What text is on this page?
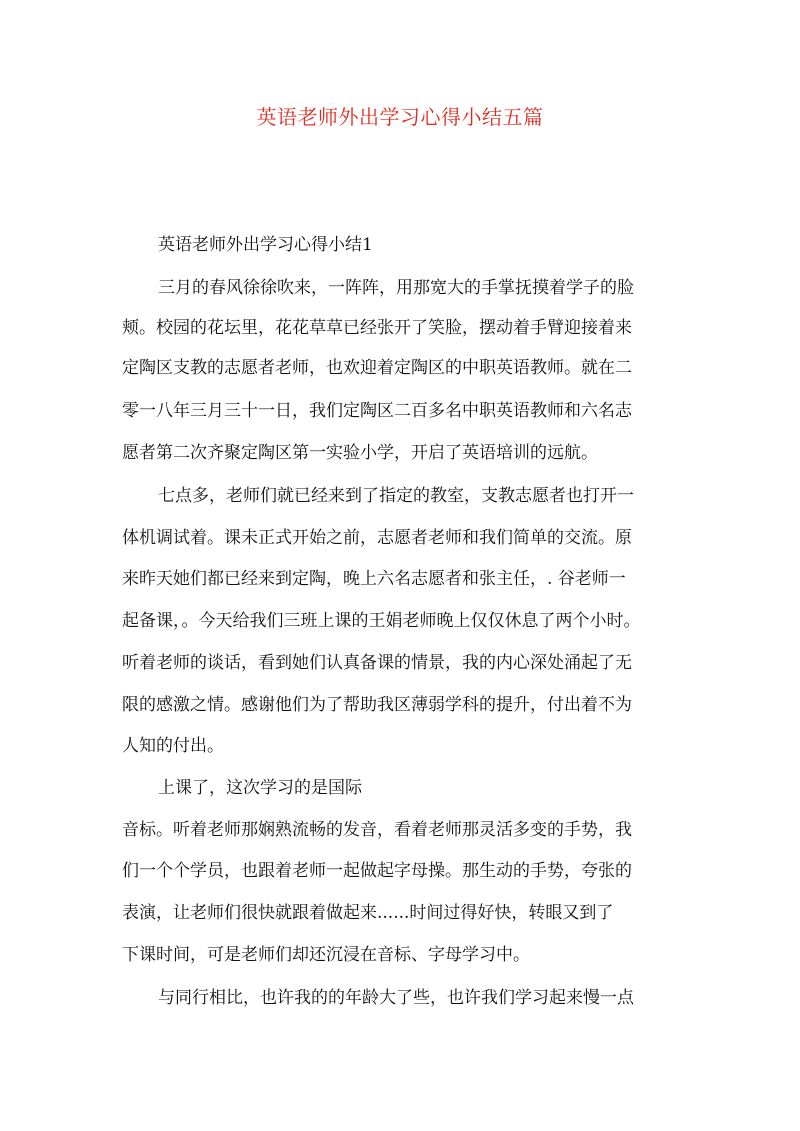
英语老师外出学习心得小结五篇
英语老师外出学习心得小结1
三月的春风徐徐吹来，一阵阵，用那宽大的手掌抚摸着学子的脸
颊。校园的花坛里，花花草草已经张开了笑脸，摆动着手臂迎接着来
定陶区支教的志愿者老师，也欢迎着定陶区的中职英语教师。就在二
零一八年三月三十一日，我们定陶区二百多名中职英语教师和六名志
愿者第二次齐聚定陶区第一实验小学，开启了英语培训的远航。
七点多，老师们就已经来到了指定的教室，支教志愿者也打开一
体机调试着。课未正式开始之前，志愿者老师和我们简单的交流。原
来昨天她们都已经来到定陶，晚上六名志愿者和张主任，. 谷老师一
起备课，。今天给我们三班上课的王娟老师晚上仅仅休息了两个小时。
听着老师的谈话，看到她们认真备课的情景，我的内心深处涌起了无
限的感激之情。感谢他们为了帮助我区薄弱学科的提升，付出着不为
人知的付出。
上课了，这次学习的是国际
音标。听着老师那娴熟流畅的发音，看着老师那灵活多变的手势，我
们一个个学员，也跟着老师一起做起字母操。那生动的手势，夸张的
表演，让老师们很快就跟着做起来......时间过得好快，转眼又到了
下课时间，可是老师们却还沉浸在音标、字母学习中。
与同行相比，也许我的的年龄大了些，也许我们学习起来慢一点
